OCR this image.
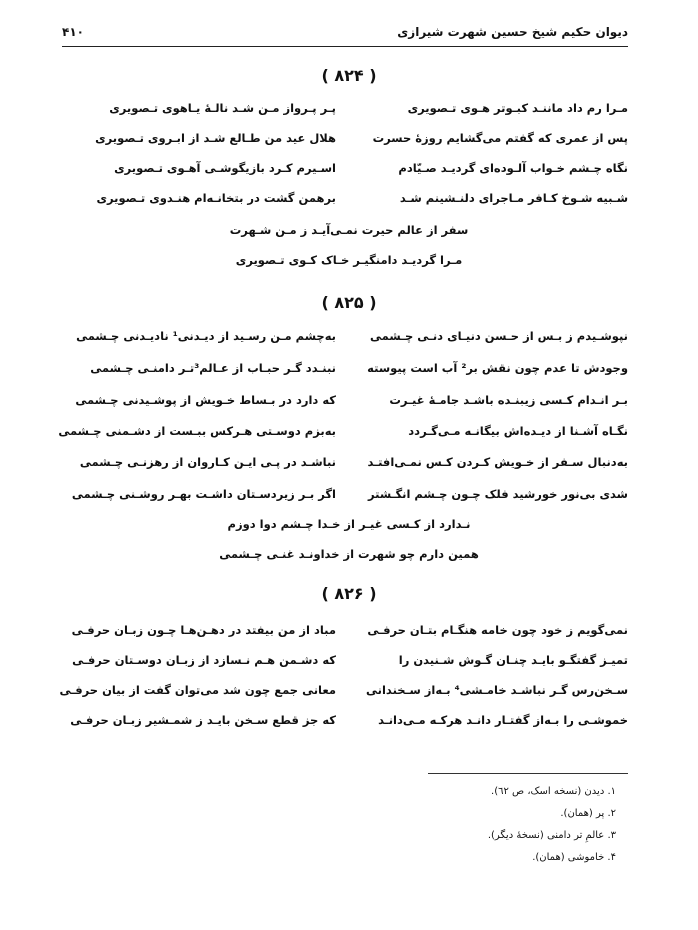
دیوان حکیم شیخ حسین شهرت شیرازی
۴۱۰
( ۸۲۴ )
مـرا رم داد ماننـد کبـوتر هـوی تـصویری
پـر پـرواز مـن شـد نالـهٔ یـاهوی تـصویری
پس از عمری که گفتم می‌گشایم روزهٔ حسرت
هلال عید من طـالع شـد از ابـروی تـصویری
نگاه چـشم خـواب آلـوده‌ای گردیـد صـیّادم
اسـیرم کـرد بازیگوشـی آهـوی تـصویری
شـبیه شـوخ کـافر مـاجرای دلنـشینم شـد
برهمن گشت در بتخانـه‌ام هنـدوی تـصویری
سفر از عالم حیرت نمـی‌آیـد ز مـن شـهرت
مـرا گردیـد دامنگیـر خـاک کـوی تـصویری
( ۸۲۵ )
نپوشـیدم ز بـس از حـسن دنیـای دنـی چـشمی
به‌چشم مـن رسـید از دیـدنی¹ نادیـدنی چـشمی
وجودش تا عدم چون نقش بر² آب است پیوسته
نبنـدد گـر حبـاب از عـالم³تـر دامنـی چـشمی
بـر انـدام کـسی زیبنـده باشـد جامـهٔ غیـرت
که دارد در بـساط خـویش از پوشـیدنی چـشمی
نگـاه آشـنا از دیـده‌اش بیگانـه مـی‌گـردد
به‌بزم دوسـتی هـرکس ببـست از دشـمنی چـشمی
به‌دنبال سـفر از خـویش کـردن کـس نمـی‌افتـد
نباشـد در پـی ایـن کـاروان از رهزنـی چـشمی
شدی بی‌نور خورشید فلک چـون چـشم انگـشتر
اگر بـر زیردسـتان داشـت بهـر روشـنی چـشمی
نـدارد از کـسی غیـر از خـدا چـشم دوا دوزم
همین دارم چو شهرت از خداونـد غنـی چـشمی
( ۸۲۶ )
نمی‌گویم ز خود چون خامه هنگـام بتـان حرفـی
مباد از من بیفتد در دهـن‌هـا چـون زبـان حرفـی
تمیـز گفتگـو بایـد چنـان گـوش شـنیدن را
که دشـمن هـم نـسازد از زبـان دوسـتان حرفـی
سـخن‌رس گـر نباشـد خامـشی⁴ بـه‌از سـخندانی
معانی جمع چون شد می‌توان گفت از بیان حرفـی
خموشـی را بـه‌از گفتـار دانـد هرکـه مـی‌دانـد
که جز قطع سـخن بایـد ز شمـشیر زبـان حرفـی
۱. دیدن (نسخه اسک، ص ٦٢).
۲. پر (همان).
۳. عالمِ تر دامنی (نسخهٔ دیگر).
۴. خاموشی (همان).
